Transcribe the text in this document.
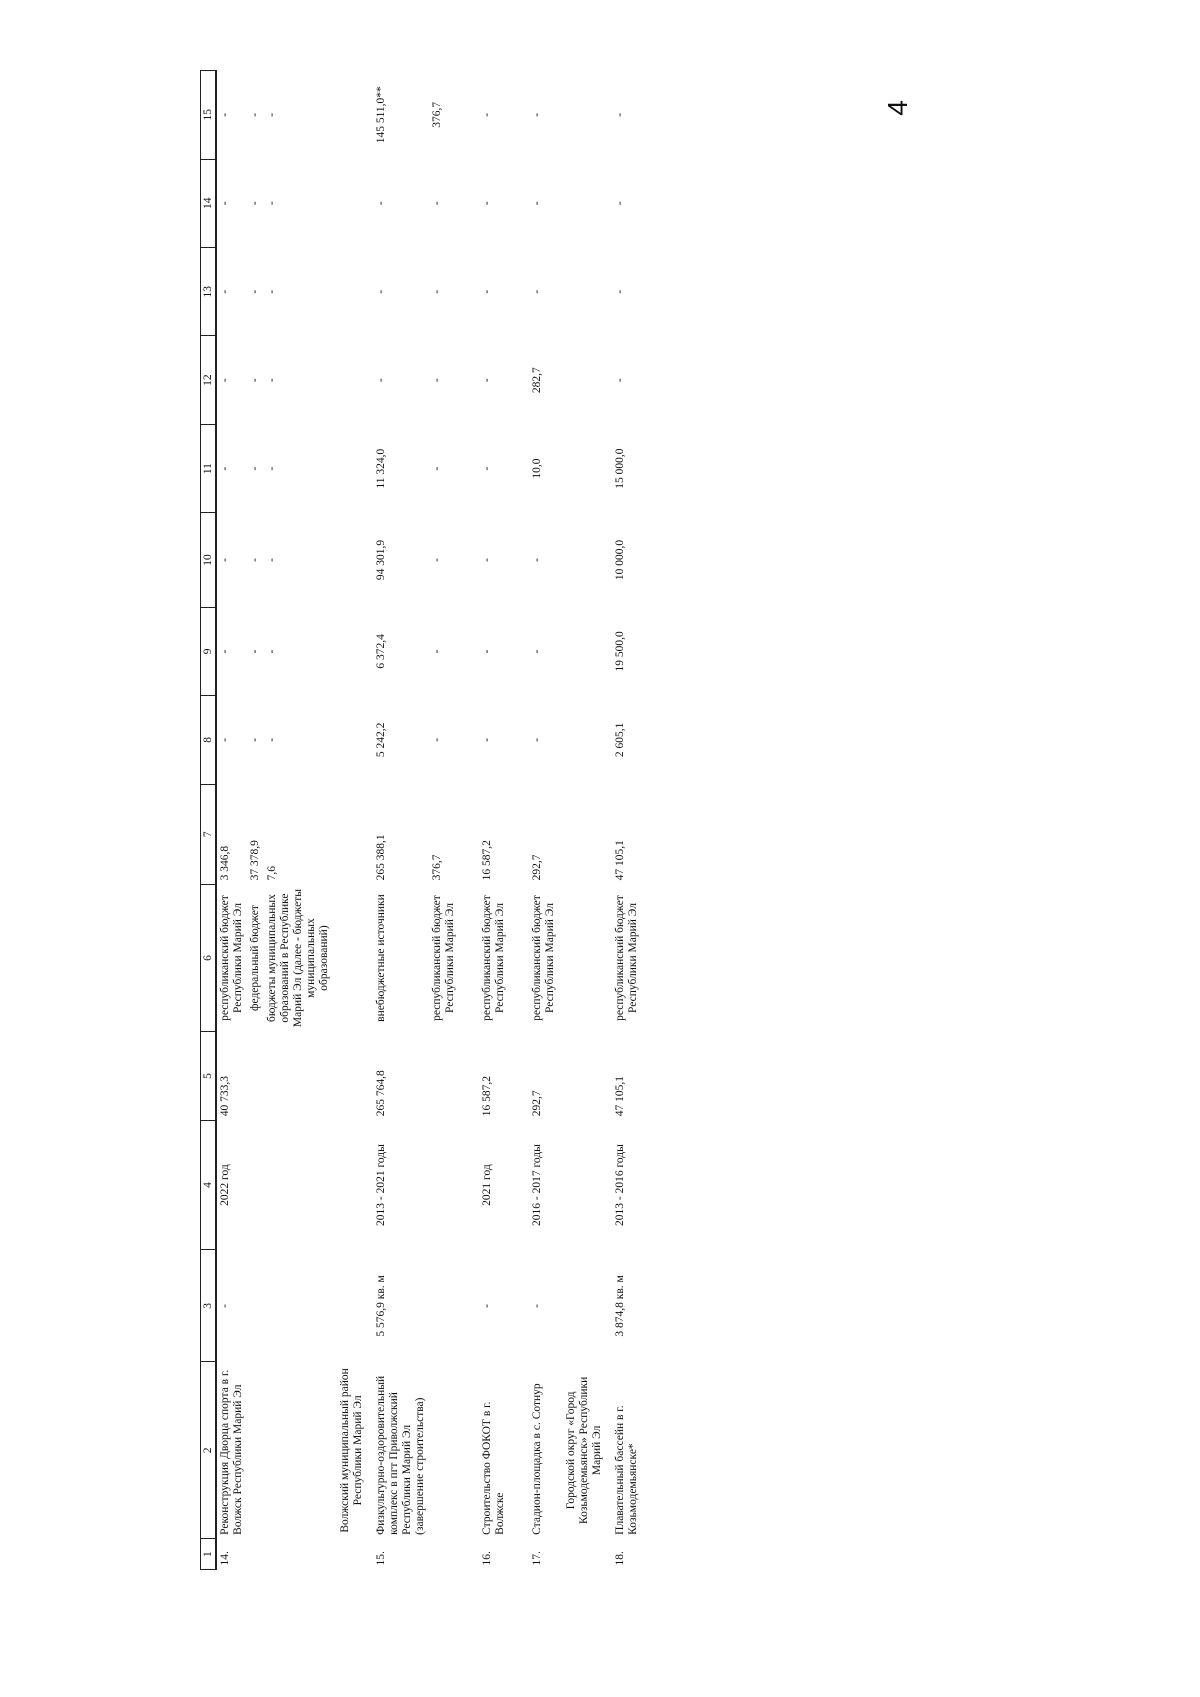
4
1	2	3	4	5	6	7	8	9	10	11	12	13	14	15
14.	Реконструкция Дворца спорта в г. Волжск Республики Марий Эл	-	2022 год	40 733,3	республиканский бюджет Республики Марий Эл	3 346,8	-	-	-	-	-	-	-	-
					федеральный бюджет	37 378,9	-	-	-	-	-	-	-	-
					бюджеты муниципальных образований в Республике Марий Эл (далее - бюджеты муниципальных образований)	7,6	-	-	-	-	-	-	-	-
	Волжский муниципальный район Республики Марий Эл													
15.	Физкультурно-оздоровительный комплекс в пгт Приволжский Республики Марий Эл (завершение строительства)	5 576,9 кв. м	2013 - 2021 годы	265 764,8	внебюджетные источники	265 388,1	5 242,2	6 372,4	94 301,9	11 324,0	-	-	-	145 511,0**
					республиканский бюджет Республики Марий Эл	376,7	-	-	-	-	-	-	-	376,7

16.	Строительство ФОКОТ в г. Волжске	-	2021 год	16 587,2	республиканский бюджет Республики Марий Эл	16 587,2	-	-	-	-	-	-	-	-

17.	Стадион-площадка в с. Сотнур	-	2016 - 2017 годы	292,7	республиканский бюджет Республики Марий Эл	292,7	-	-	-	10,0	282,7	-	-	-
	Городской округ «Город Козьмодемьянск» Республики Марий Эл													
18.	Плавательный бассейн в г. Козьмодемьянске*	3 874,8 кв. м	2013 - 2016 годы	47 105,1	республиканский бюджет Республики Марий Эл	47 105,1	2 605,1	19 500,0	10 000,0	15 000,0	-	-	-	-
